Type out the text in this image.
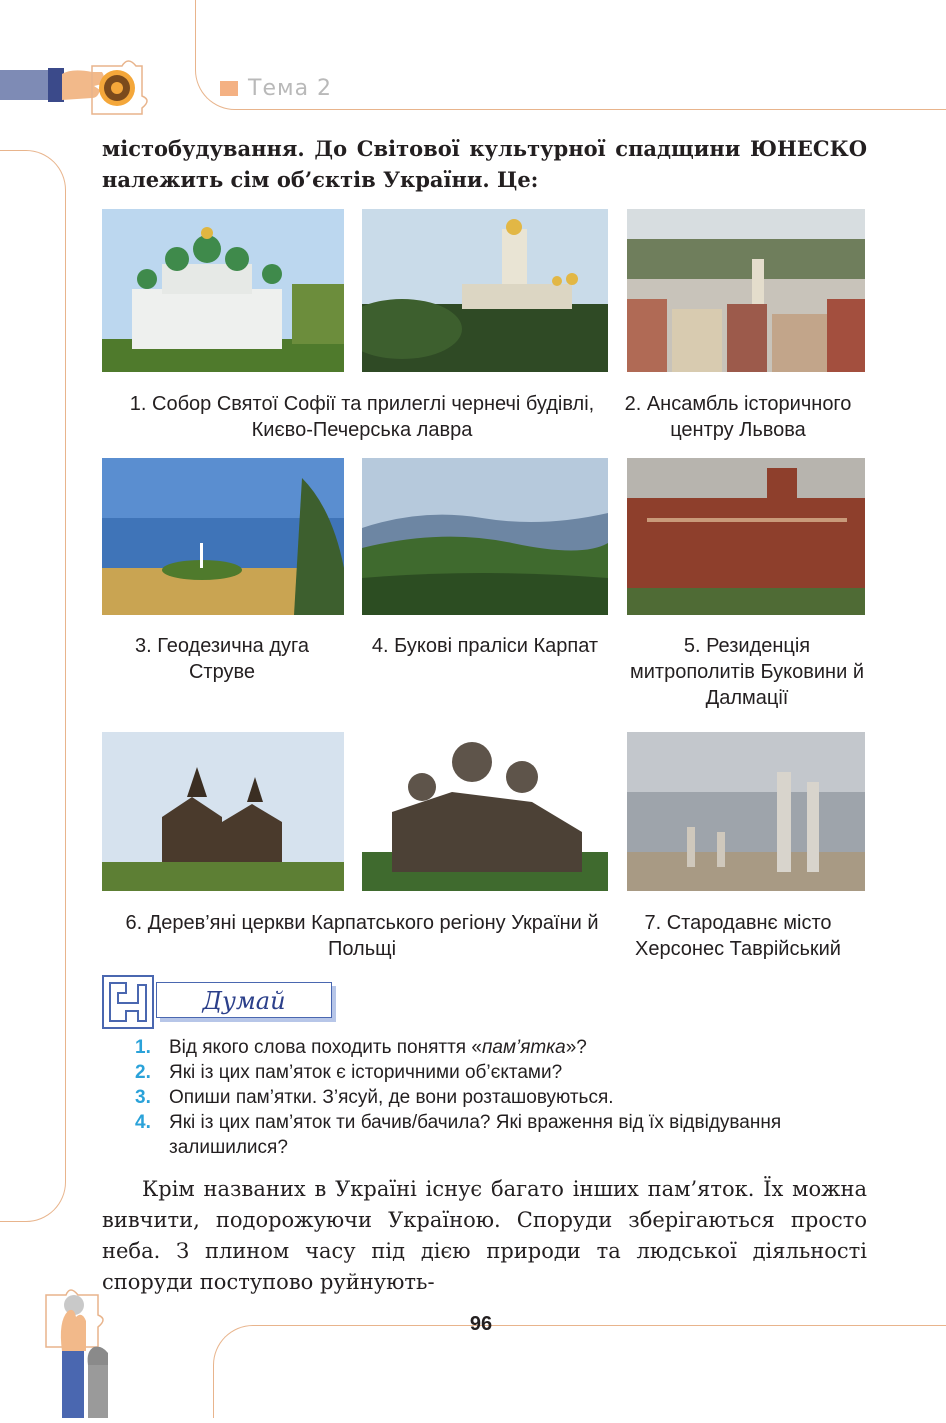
Тема 2
містобудування. До Світової культурної спадщини ЮНЕСКО належить сім об’єктів України. Це:
1. Собор Святої Софії та прилеглі чернечі будівлі, Києво-Печерська лавра
2. Ансамбль історичного центру Львова
3. Геодезична дуга Струве
4. Букові праліси Карпат	5. Резиденція митрополитів Буковини й Далмації
6. Дерев’яні церкви Карпатського регіону України й Польщі
7. Стародавнє місто Херсонес Таврійський
Думай
1. Від якого слова походить поняття «пам’ятка»?
2. Які із цих пам’яток є історичними об’єктами?
3. Опиши пам’ятки. З’ясуй, де вони розташовуються.
4. Які із цих пам’яток ти бачив/бачила? Які враження від їх відвідування залишилися?
Крім названих в Україні існує багато інших пам’яток. Їх можна вивчити, подорожуючи Україною. Споруди зберігаються просто неба. З плином часу під дією природи та людської діяльності споруди поступово руйнують-
96
